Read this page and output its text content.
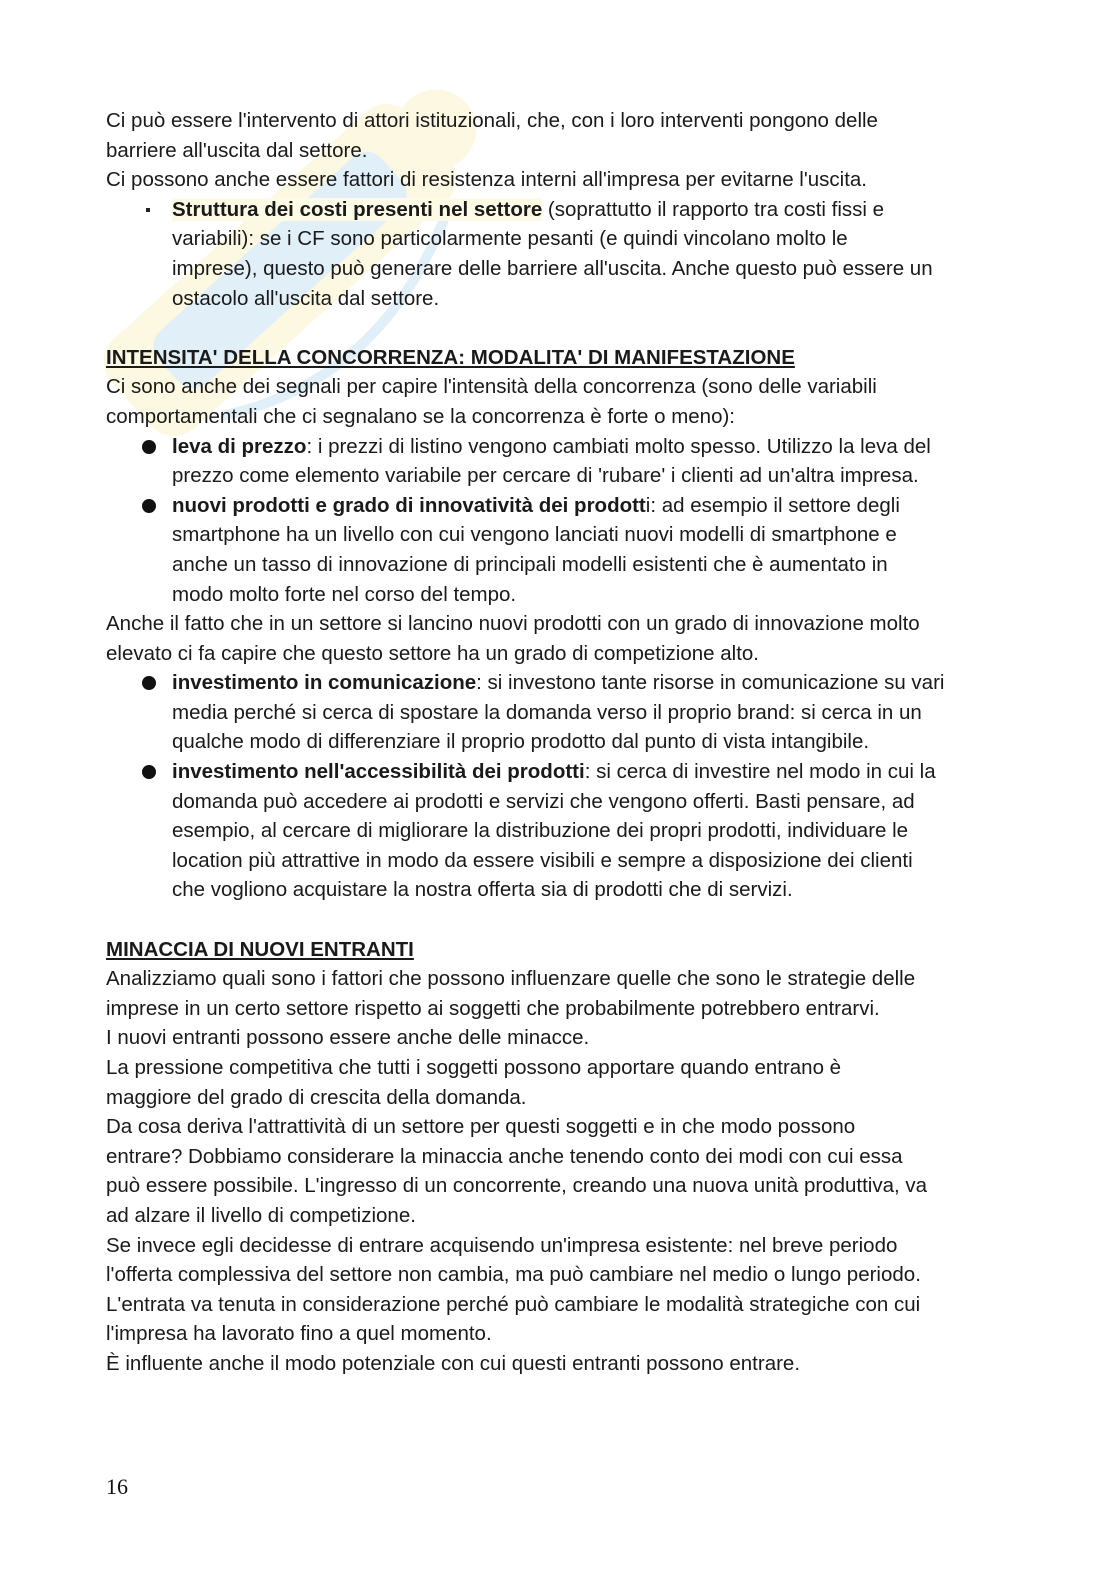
Ci può essere l'intervento di attori istituzionali, che, con i loro interventi pongono delle

barriere all'uscita dal settore.

Ci possono anche essere fattori di resistenza interni all'impresa per evitarne l'uscita.

Struttura dei costi presenti nel settore (soprattutto il rapporto tra costi fissi e

variabili): se i CF sono particolarmente pesanti (e quindi vincolano molto le

imprese), questo può generare delle barriere all'uscita. Anche questo può essere un

ostacolo all'uscita dal settore.

INTENSITA' DELLA CONCORRENZA: MODALITA' DI MANIFESTAZIONE

Ci sono anche dei segnali per capire l'intensità della concorrenza (sono delle variabili

comportamentali che ci segnalano se la concorrenza è forte o meno):

leva di prezzo: i prezzi di listino vengono cambiati molto spesso. Utilizzo la leva del

prezzo come elemento variabile per cercare di 'rubare' i clienti ad un'altra impresa.

nuovi prodotti e grado di innovatività dei prodotti: ad esempio il settore degli

smartphone ha un livello con cui vengono lanciati nuovi modelli di smartphone e

anche un tasso di innovazione di principali modelli esistenti che è aumentato in

modo molto forte nel corso del tempo.

Anche il fatto che in un settore si lancino nuovi prodotti con un grado di innovazione molto

elevato ci fa capire che questo settore ha un grado di competizione alto.

investimento in comunicazione: si investono tante risorse in comunicazione su vari

media perché si cerca di spostare la domanda verso il proprio brand: si cerca in un

qualche modo di differenziare il proprio prodotto dal punto di vista intangibile.

investimento nell'accessibilità dei prodotti: si cerca di investire nel modo in cui la

domanda può accedere ai prodotti e servizi che vengono offerti. Basti pensare, ad

esempio, al cercare di migliorare la distribuzione dei propri prodotti, individuare le

location più attrattive in modo da essere visibili e sempre a disposizione dei clienti

che vogliono acquistare la nostra offerta sia di prodotti che di servizi.

MINACCIA DI NUOVI ENTRANTI

Analizziamo quali sono i fattori che possono influenzare quelle che sono le strategie delle

imprese in un certo settore rispetto ai soggetti che probabilmente potrebbero entrarvi.

I nuovi entranti possono essere anche delle minacce.

La pressione competitiva che tutti i soggetti possono apportare quando entrano è

maggiore del grado di crescita della domanda.

Da cosa deriva l'attrattività di un settore per questi soggetti e in che modo possono

entrare? Dobbiamo considerare la minaccia anche tenendo conto dei modi con cui essa

può essere possibile. L'ingresso di un concorrente, creando una nuova unità produttiva, va

ad alzare il livello di competizione.

Se invece egli decidesse di entrare acquisendo un'impresa esistente: nel breve periodo

l'offerta complessiva del settore non cambia, ma può cambiare nel medio o lungo periodo.

L'entrata va tenuta in considerazione perché può cambiare le modalità strategiche con cui

l'impresa ha lavorato fino a quel momento.

È influente anche il modo potenziale con cui questi entranti possono entrare.

16
